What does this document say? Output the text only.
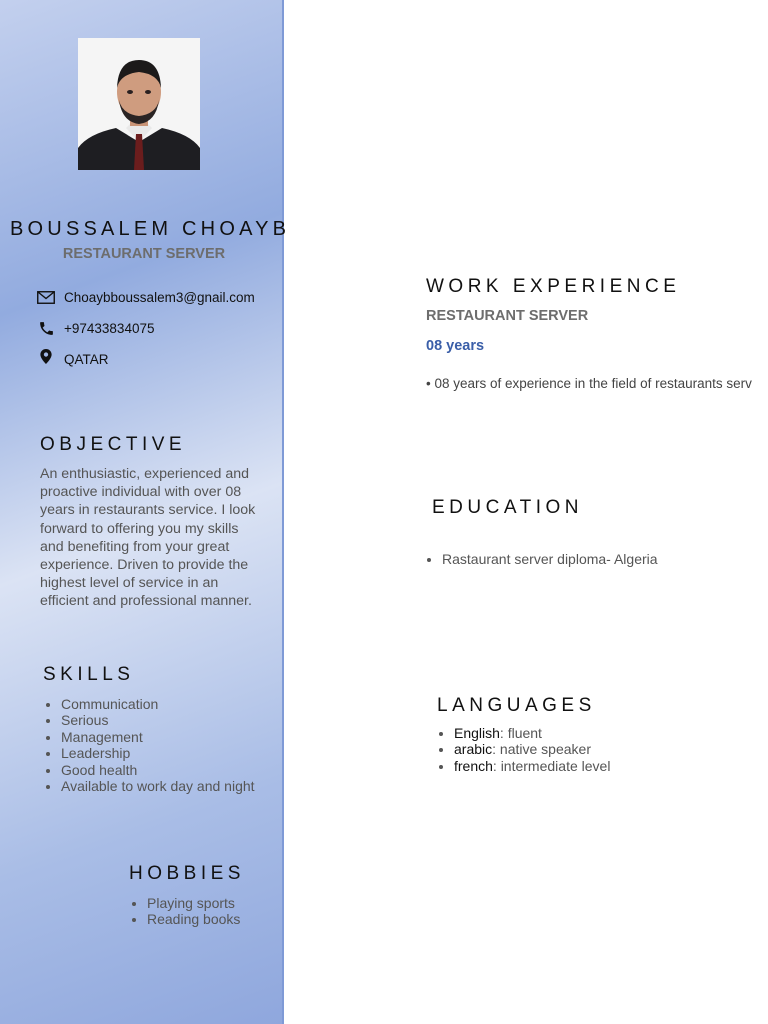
BOUSSALEM CHOAYB
RESTAURANT SERVER
Choaybboussalem3@gnail.com
+97433834075
QATAR
OBJECTIVE
An enthusiastic, experienced and proactive individual with over 08 years in restaurants service. I look forward to offering you my skills and benefiting from your great experience. Driven to provide the highest level of service in an efficient and professional manner.
SKILLS
• Communication
• Serious
• Management
• Leadership
• Good health
• Available to work day and night
HOBBIES
• Playing sports
• Reading books
WORK EXPERIENCE
RESTAURANT SERVER
08 years
• 08 years of experience in the field of restaurants serv
EDUCATION
• Rastaurant server diploma- Algeria
LANGUAGES
• English: fluent
• arabic: native speaker
• french: intermediate level
